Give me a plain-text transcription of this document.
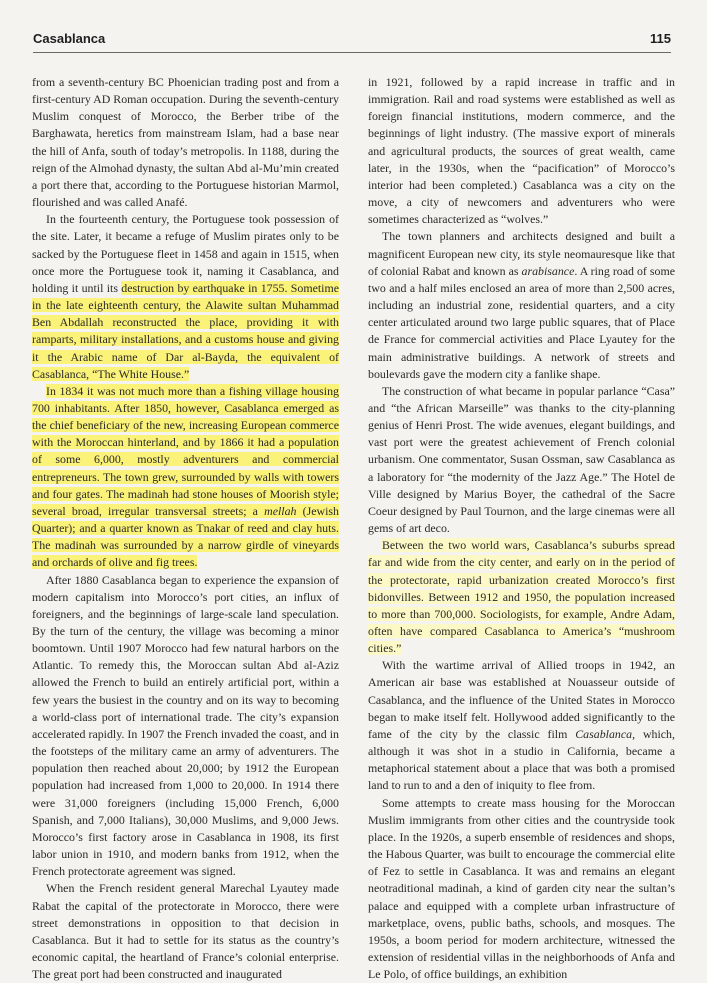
Casablanca	115

from a seventh-century BC Phoenician trading post and from a first-century AD Roman occupation. During the seventh-century Muslim conquest of Morocco, the Berber tribe of the Barghawata, heretics from mainstream Islam, had a base near the hill of Anfa, south of today’s metropolis. In 1188, during the reign of the Almohad dynasty, the sultan Abd al-Mu’min created a port there that, according to the Portuguese historian Marmol, flourished and was called Anafé.

In the fourteenth century, the Portuguese took possession of the site. Later, it became a refuge of Muslim pirates only to be sacked by the Portuguese fleet in 1458 and again in 1515, when once more the Portuguese took it, naming it Casablanca, and holding it until its destruction by earthquake in 1755. Sometime in the late eighteenth century, the Alawite sultan Muhammad Ben Abdallah reconstructed the place, providing it with ramparts, military installations, and a customs house and giving it the Arabic name of Dar al-Bayda, the equivalent of Casablanca, “The White House.”

In 1834 it was not much more than a fishing village housing 700 inhabitants. After 1850, however, Casablanca emerged as the chief beneficiary of the new, increasing European commerce with the Moroccan hinterland, and by 1866 it had a population of some 6,000, mostly adventurers and commercial entrepreneurs. The town grew, surrounded by walls with towers and four gates. The madinah had stone houses of Moorish style; several broad, irregular transversal streets; a mellah (Jewish Quarter); and a quarter known as Tnakar of reed and clay huts. The madinah was surrounded by a narrow girdle of vineyards and orchards of olive and fig trees.

After 1880 Casablanca began to experience the expansion of modern capitalism into Morocco’s port cities, an influx of foreigners, and the beginnings of large-scale land speculation. By the turn of the century, the village was becoming a minor boomtown. Until 1907 Morocco had few natural harbors on the Atlantic. To remedy this, the Moroccan sultan Abd al-Aziz allowed the French to build an entirely artificial port, within a few years the busiest in the country and on its way to becoming a world-class port of international trade. The city’s expansion accelerated rapidly. In 1907 the French invaded the coast, and in the footsteps of the military came an army of adventurers. The population then reached about 20,000; by 1912 the European population had increased from 1,000 to 20,000. In 1914 there were 31,000 foreigners (including 15,000 French, 6,000 Spanish, and 7,000 Italians), 30,000 Muslims, and 9,000 Jews. Morocco’s first factory arose in Casablanca in 1908, its first labor union in 1910, and modern banks from 1912, when the French protectorate agreement was signed.

When the French resident general Marechal Lyautey made Rabat the capital of the protectorate in Morocco, there were street demonstrations in opposition to that decision in Casablanca. But it had to settle for its status as the country’s economic capital, the heartland of France’s colonial enterprise. The great port had been constructed and inaugurated

in 1921, followed by a rapid increase in traffic and in immigration. Rail and road systems were established as well as foreign financial institutions, modern commerce, and the beginnings of light industry. (The massive export of minerals and agricultural products, the sources of great wealth, came later, in the 1930s, when the “pacification” of Morocco’s interior had been completed.) Casablanca was a city on the move, a city of newcomers and adventurers who were sometimes characterized as “wolves.”

The town planners and architects designed and built a magnificent European new city, its style neomauresque like that of colonial Rabat and known as arabisance. A ring road of some two and a half miles enclosed an area of more than 2,500 acres, including an industrial zone, residential quarters, and a city center articulated around two large public squares, that of Place de France for commercial activities and Place Lyautey for the main administrative buildings. A network of streets and boulevards gave the modern city a fanlike shape.

The construction of what became in popular parlance “Casa” and “the African Marseille” was thanks to the city-planning genius of Henri Prost. The wide avenues, elegant buildings, and vast port were the greatest achievement of French colonial urbanism. One commentator, Susan Ossman, saw Casablanca as a laboratory for “the modernity of the Jazz Age.” The Hotel de Ville designed by Marius Boyer, the cathedral of the Sacre Coeur designed by Paul Tournon, and the large cinemas were all gems of art deco.

Between the two world wars, Casablanca’s suburbs spread far and wide from the city center, and early on in the period of the protectorate, rapid urbanization created Morocco’s first bidonvilles. Between 1912 and 1950, the population increased to more than 700,000. Sociologists, for example, Andre Adam, often have compared Casablanca to America’s “mushroom cities.”

With the wartime arrival of Allied troops in 1942, an American air base was established at Nouasseur outside of Casablanca, and the influence of the United States in Morocco began to make itself felt. Hollywood added significantly to the fame of the city by the classic film Casablanca, which, although it was shot in a studio in California, became a metaphorical statement about a place that was both a promised land to run to and a den of iniquity to flee from.

Some attempts to create mass housing for the Moroccan Muslim immigrants from other cities and the countryside took place. In the 1920s, a superb ensemble of residences and shops, the Habous Quarter, was built to encourage the commercial elite of Fez to settle in Casablanca. It was and remains an elegant neotraditional madinah, a kind of garden city near the sultan’s palace and equipped with a complete urban infrastructure of marketplace, ovens, public baths, schools, and mosques. The 1950s, a boom period for modern architecture, witnessed the extension of residential villas in the neighborhoods of Anfa and Le Polo, of office buildings, an exhibition
